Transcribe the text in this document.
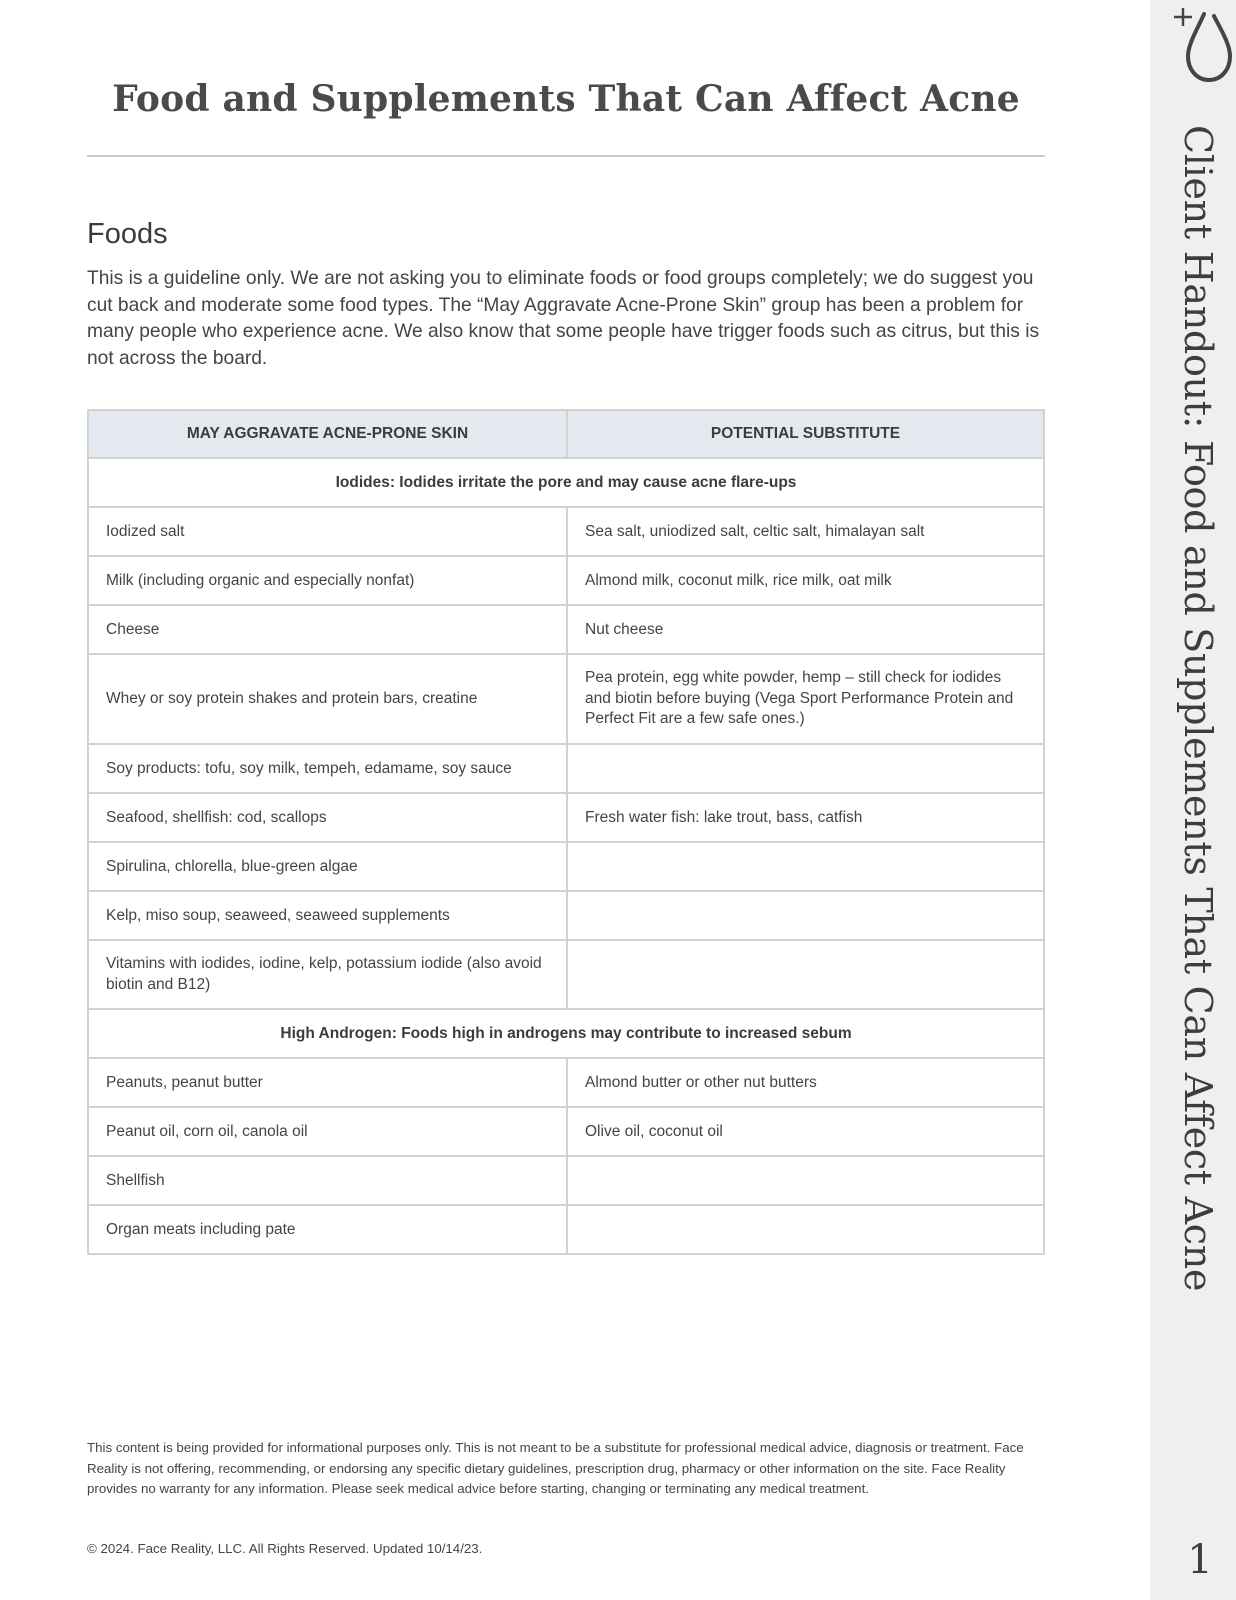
Food and Supplements That Can Affect Acne
Foods

This is a guideline only. We are not asking you to eliminate foods or food groups completely; we do suggest you cut back and moderate some food types. The “May Aggravate Acne-Prone Skin” group has been a problem for many people who experience acne. We also know that some people have trigger foods such as citrus, but this is not across the board.

MAY AGGRAVATE ACNE-PRONE SKIN	POTENTIAL SUBSTITUTE
Iodides: Iodides irritate the pore and may cause acne flare-ups	
Iodized salt	Sea salt, uniodized salt, celtic salt, himalayan salt
Milk (including organic and especially nonfat)	Almond milk, coconut milk, rice milk, oat milk
Cheese	Nut cheese
Whey or soy protein shakes and protein bars, creatine	Pea protein, egg white powder, hemp – still check for iodides and biotin before buying (Vega Sport Performance Protein and Perfect Fit are a few safe ones.)
Soy products: tofu, soy milk, tempeh, edamame, soy sauce	
Seafood, shellfish: cod, scallops	Fresh water fish: lake trout, bass, catfish
Spirulina, chlorella, blue-green algae	
Kelp, miso soup, seaweed, seaweed supplements	
Vitamins with iodides, iodine, kelp, potassium iodide (also avoid biotin and B12)	
High Androgen: Foods high in androgens may contribute to increased sebum	
Peanuts, peanut butter	Almond butter or other nut butters
Peanut oil, corn oil, canola oil	Olive oil, coconut oil
Shellfish	
Organ meats including pate	

This content is being provided for informational purposes only. This is not meant to be a substitute for professional medical advice, diagnosis or treatment. Face Reality is not offering, recommending, or endorsing any specific dietary guidelines, prescription drug, pharmacy or other information on the site. Face Reality provides no warranty for any information. Please seek medical advice before starting, changing or terminating any medical treatment.

© 2024. Face Reality, LLC. All Rights Reserved. Updated 10/14/23.

Client Handout: Food and Supplements That Can Affect Acne
1
